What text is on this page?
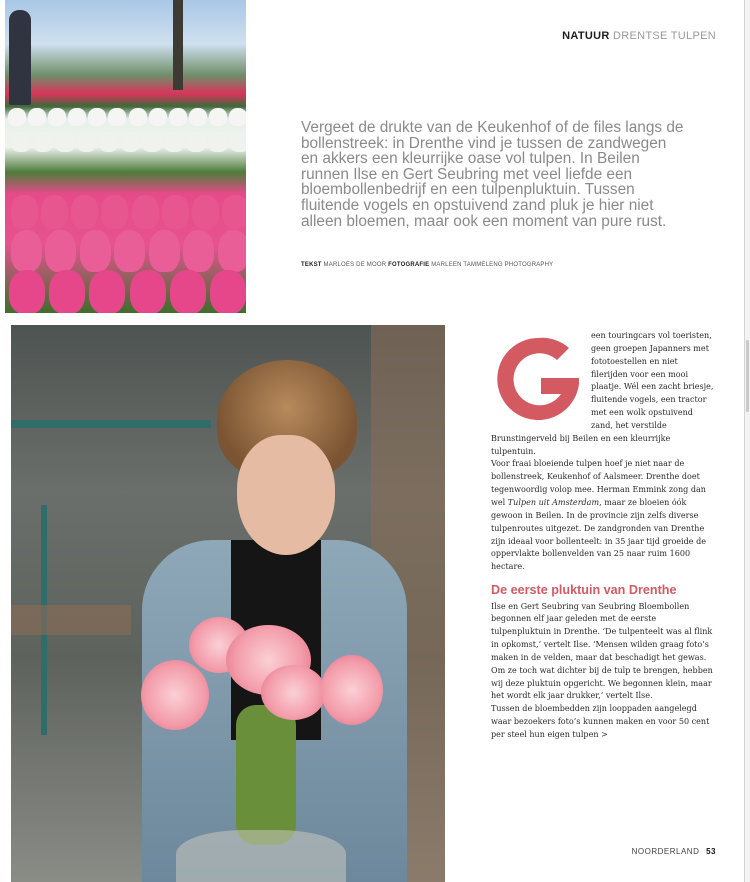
NATUUR DRENTSE TULPEN
Vergeet de drukte van de Keukenhof of de files langs de bollenstreek: in Drenthe vind je tussen de zandwegen en akkers een kleurrijke oase vol tulpen. In Beilen runnen Ilse en Gert Seubring met veel liefde een bloembollenbedrijf en een tulpenpluktuin. Tussen fluitende vogels en opstuivend zand pluk je hier niet alleen bloemen, maar ook een moment van pure rust.
TEKST MARLOES DE MOOR FOTOGRAFIE MARLEEN TAMMELENG PHOTOGRAPHY

een touringcars vol toeristen, geen groepen Japanners met fototoestellen en niet filerijden voor een mooi plaatje. Wél een zacht briesje, fluitende vogels, een tractor met een wolk opstuivend zand, het verstilde Brunstingerveld bij Beilen en een kleurrijke tulpentuin.

Voor fraai bloeiende tulpen hoef je niet naar de bollenstreek, Keukenhof of Aalsmeer. Drenthe doet tegenwoordig volop mee. Herman Emmink zong dan wel Tulpen uit Amsterdam, maar ze bloeien óók gewoon in Beilen. In de provincie zijn zelfs diverse tulpenroutes uitgezet. De zandgronden van Drenthe zijn ideaal voor bollenteelt: in 35 jaar tijd groeide de oppervlakte bollenvelden van 25 naar ruim 1600 hectare.

De eerste pluktuin van Drenthe

Ilse en Gert Seubring van Seubring Bloembollen begonnen elf jaar geleden met de eerste tulpenpluktuin in Drenthe. ‘De tulpenteelt was al flink in opkomst,’ vertelt Ilse. ‘Mensen wilden graag foto’s maken in de velden, maar dat beschadigt het gewas. Om ze toch wat dichter bij de tulp te brengen, hebben wij deze pluktuin opgericht. We begonnen klein, maar het wordt elk jaar drukker,’ vertelt Ilse.

Tussen de bloembedden zijn looppaden aangelegd waar bezoekers foto’s kunnen maken en voor 50 cent per steel hun eigen tulpen >

NOORDERLAND 53
